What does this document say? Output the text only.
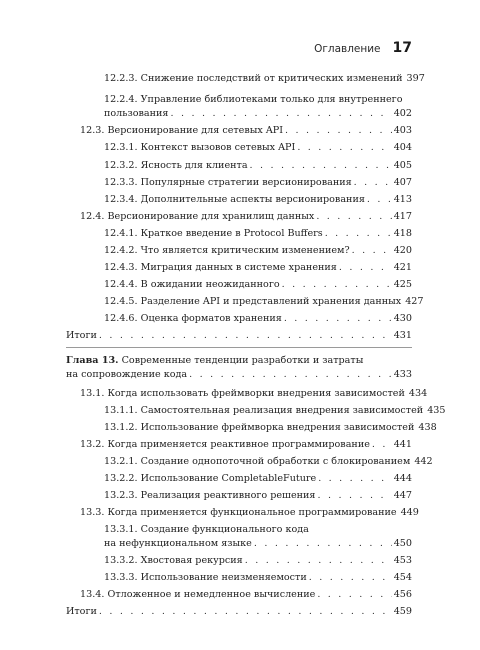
Оглавление 17
12.2.3. Снижение последствий от критических изменений 397
12.2.4. Управление библиотеками только для внутреннего
пользования . . .	402
12.3. Версионирование для сетевых API . . .	403
12.3.1. Контекст вызовов сетевых API . . .	404
12.3.2. Ясность для клиента . . .	405
12.3.3. Популярные стратегии версионирования . . .	407
12.3.4. Дополнительные аспекты версионирования . . .	413
12.4. Версионирование для хранилищ данных . . .	417
12.4.1. Краткое введение в Protocol Buffers . . .	418
12.4.2. Что является критическим изменением? . . .	420
12.4.3. Миграция данных в системе хранения . . .	421
12.4.4. В ожидании неожиданного . . .	425
12.4.5. Разделение API и представлений хранения данных 427
12.4.6. Оценка форматов хранения . . .	430
Итоги . . .	431
Глава 13. Современные тенденции разработки и затраты
на сопровождение кода . . .	433
13.1. Когда использовать фреймворки внедрения зависимостей 434
13.1.1. Самостоятельная реализация внедрения зависимостей 435
13.1.2. Использование фреймворка внедрения зависимостей 438
13.2. Когда применяется реактивное программирование . . . 441
13.2.1. Создание однопоточной обработки с блокированием 442
13.2.2. Использование CompletableFuture . . .	444
13.2.3. Реализация реактивного решения . . .	447
13.3. Когда применяется функциональное программирование 449
13.3.1. Создание функционального кода
на нефункциональном языке . . .	450
13.3.2. Хвостовая рекурсия . . .	453
13.3.3. Использование неизменяемости . . .	454
13.4. Отложенное и немедленное вычисление . . .	456
Итоги . . .	459
